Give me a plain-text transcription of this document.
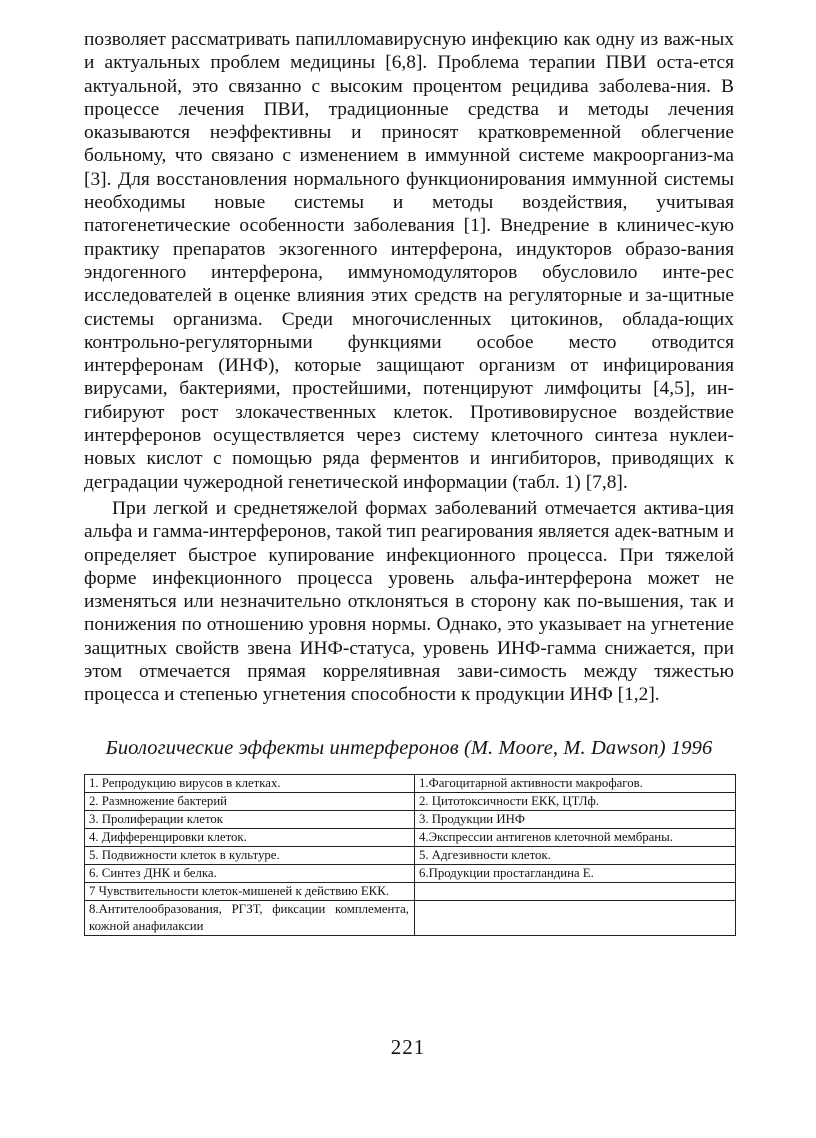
позволяет рассматривать папилломавирусную инфекцию как одну из важ-ных и актуальных проблем медицины [6,8]. Проблема терапии ПВИ оста-ется актуальной, это связанно с высоким процентом рецидива заболева-ния. В процессе лечения ПВИ, традиционные средства и методы лечения оказываются неэффективны и приносят кратковременной облегчение больному, что связано с изменением в иммунной системе макроорганиз-ма [3]. Для восстановления нормального функционирования иммунной системы необходимы новые системы и методы воздействия, учитывая патогенетические особенности заболевания [1]. Внедрение в клиничес-кую практику препаратов экзогенного интерферона, индукторов образо-вания эндогенного интерферона, иммуномодуляторов обусловило инте-рес исследователей в оценке влияния этих средств на регуляторные и за-щитные системы организма. Среди многочисленных цитокинов, облада-ющих контрольно-регуляторными функциями особое место отводится интерферонам (ИНФ), которые защищают организм от инфицирования вирусами, бактериями, простейшими, потенцируют лимфоциты [4,5], ин-гибируют рост злокачественных клеток. Противовирусное воздействие интерферонов осуществляется через систему клеточного синтеза нуклеи-новых кислот с помощью ряда ферментов и ингибиторов, приводящих к деградации чужеродной генетической информации (табл. 1) [7,8].

При легкой и среднетяжелой формах заболеваний отмечается актива-ция альфа и гамма-интерферонов, такой тип реагирования является адек-ватным и определяет быстрое купирование инфекционного процесса. При тяжелой форме инфекционного процесса уровень альфа-интерферона может не изменяться или незначительно отклоняться в сторону как по-вышения, так и понижения по отношению уровня нормы. Однако, это указывает на угнетение защитных свойств звена ИНФ-статуса, уровень ИНФ-гамма снижается, при этом отмечается прямая корреляtивная зави-симость между тяжестью процесса и степенью угнетения способности к продукции ИНФ [1,2].

Биологические эффекты интерферонов (M. Moore, M. Dawson) 1996
1. Репродукцию вирусов в клетках.	1.Фагоцитарной активности макрофагов.
2. Размножение бактерий	2. Цитотоксичности ЕКК, ЦТЛф.
3. Пролиферации клеток	3. Продукции ИНФ
4. Дифференцировки клеток.	4.Экспрессии антигенов клеточной мембраны.
5. Подвижности клеток в культуре.	5. Адгезивности клеток.
6. Синтез ДНК и белка.	6.Продукции простагландина Е.
7 Чувствительности клеток-мишеней к действию ЕКК.	
8.Антителообразования, РГЗТ, фиксации комплемента, кожной анафилаксии	
221
